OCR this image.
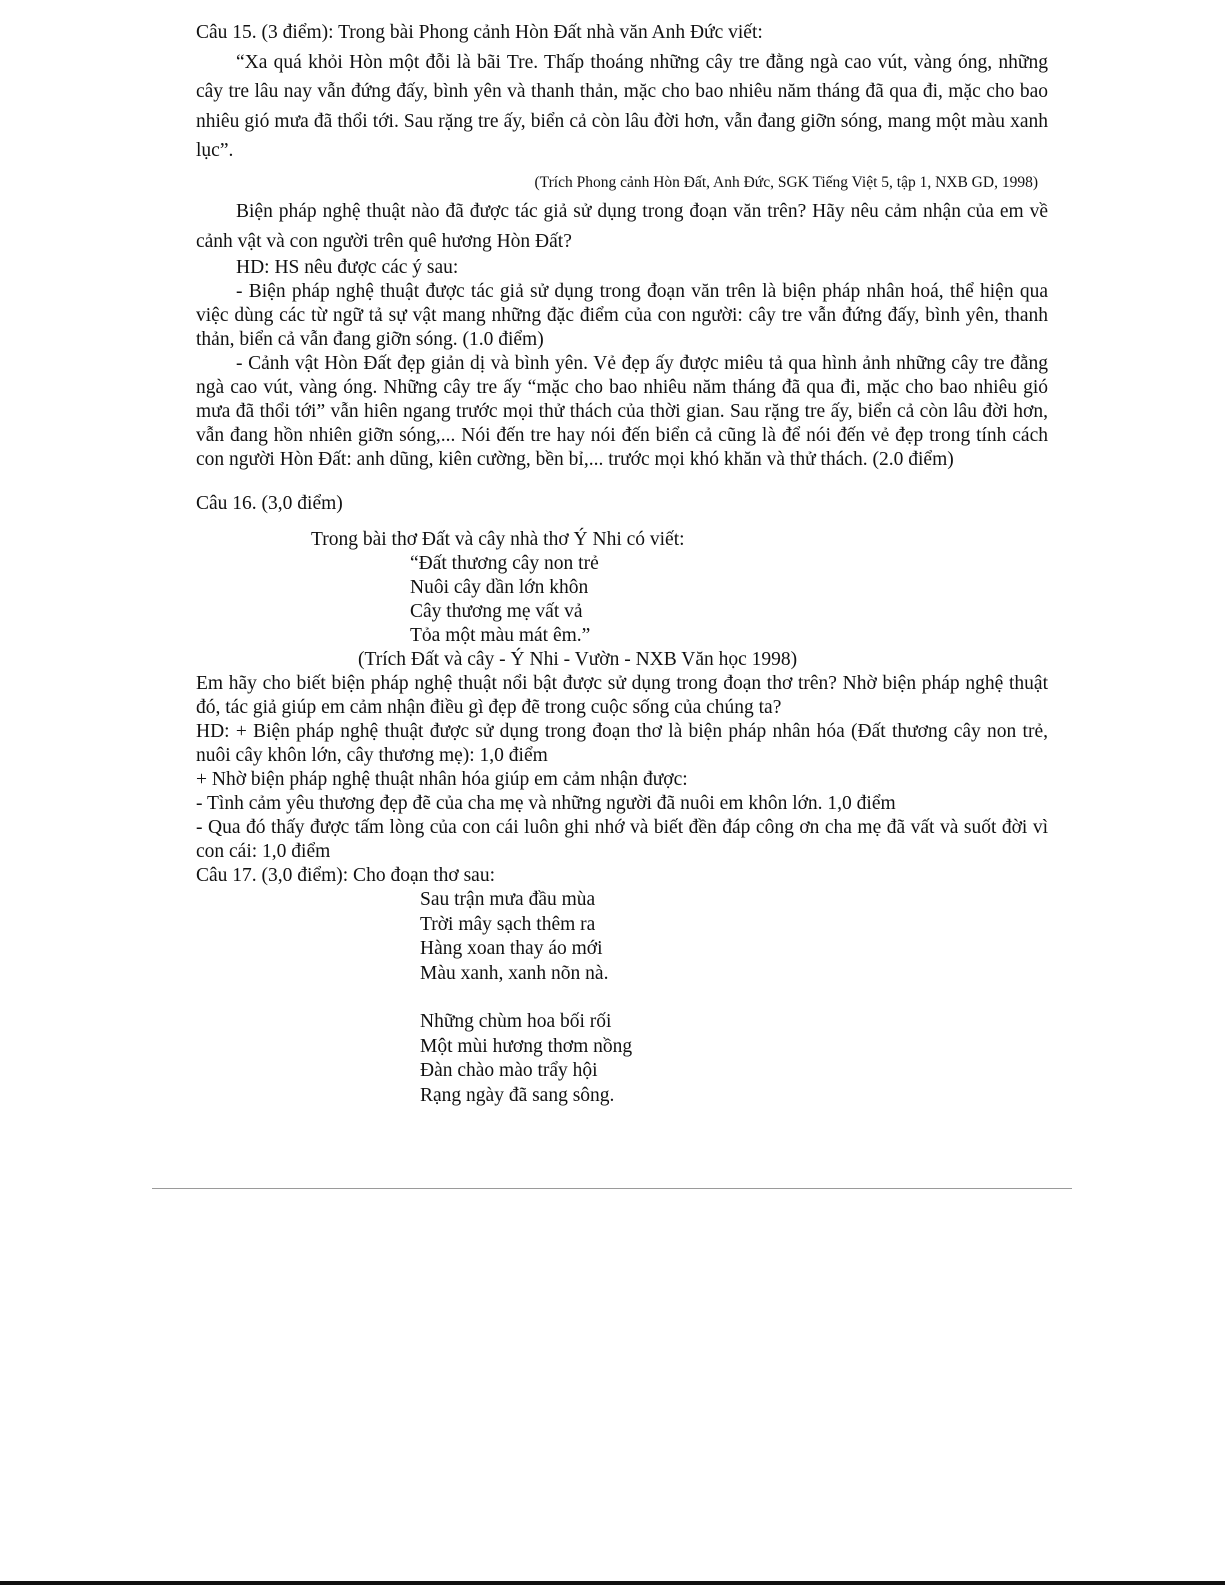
Câu 15. (3 điểm): Trong bài Phong cảnh Hòn Đất nhà văn Anh Đức viết:

“Xa quá khỏi Hòn một đỗi là bãi Tre. Thấp thoáng những cây tre đằng ngà cao vút, vàng óng, những cây tre lâu nay vẫn đứng đấy, bình yên và thanh thản, mặc cho bao nhiêu năm tháng đã qua đi, mặc cho bao nhiêu gió mưa đã thổi tới. Sau rặng tre ấy, biển cả còn lâu đời hơn, vẫn đang giỡn sóng, mang một màu xanh lục”.

(Trích Phong cảnh Hòn Đất, Anh Đức, SGK Tiếng Việt 5, tập 1, NXB GD, 1998)

Biện pháp nghệ thuật nào đã được tác giả sử dụng trong đoạn văn trên? Hãy nêu cảm nhận của em về cảnh vật và con người trên quê hương Hòn Đất?

HD: HS nêu được các ý sau:

- Biện pháp nghệ thuật được tác giả sử dụng trong đoạn văn trên là biện pháp nhân hoá, thể hiện qua việc dùng các từ ngữ tả sự vật mang những đặc điểm của con người: cây tre vẫn đứng đấy, bình yên, thanh thản, biển cả vẫn đang giỡn sóng. (1.0 điểm)

- Cảnh vật Hòn Đất đẹp giản dị và bình yên. Vẻ đẹp ấy được miêu tả qua hình ảnh những cây tre đằng ngà cao vút, vàng óng. Những cây tre ấy “mặc cho bao nhiêu năm tháng đã qua đi, mặc cho bao nhiêu gió mưa đã thổi tới” vẫn hiên ngang trước mọi thử thách của thời gian. Sau rặng tre ấy, biển cả còn lâu đời hơn, vẫn đang hồn nhiên giỡn sóng,... Nói đến tre hay nói đến biển cả cũng là để nói đến vẻ đẹp trong tính cách con người Hòn Đất: anh dũng, kiên cường, bền bỉ,... trước mọi khó khăn và thử thách. (2.0 điểm)

Câu 16. (3,0 điểm)

Trong bài thơ Đất và cây nhà thơ Ý Nhi có viết:

“Đất thương cây non trẻ
Nuôi cây dần lớn khôn
Cây thương mẹ vất vả
Tỏa một màu mát êm.”

(Trích Đất và cây - Ý Nhi - Vườn - NXB Văn học 1998)

Em hãy cho biết biện pháp nghệ thuật nổi bật được sử dụng trong đoạn thơ trên? Nhờ biện pháp nghệ thuật đó, tác giả giúp em cảm nhận điều gì đẹp đẽ trong cuộc sống của chúng ta?

HD: + Biện pháp nghệ thuật được sử dụng trong đoạn thơ là biện pháp nhân hóa (Đất thương cây non trẻ, nuôi cây khôn lớn, cây thương mẹ): 1,0 điểm

+ Nhờ biện pháp nghệ thuật nhân hóa giúp em cảm nhận được:

- Tình cảm yêu thương đẹp đẽ của cha mẹ và những người đã nuôi em khôn lớn. 1,0 điểm

- Qua đó thấy được tấm lòng của con cái luôn ghi nhớ và biết đền đáp công ơn cha mẹ đã vất và suốt đời vì con cái: 1,0 điểm

Câu 17. (3,0 điểm): Cho đoạn thơ sau:

Sau trận mưa đầu mùa
Trời mây sạch thêm ra
Hàng xoan thay áo mới
Màu xanh, xanh nõn nà.
Những chùm hoa bối rối
Một mùi hương thơm nồng
Đàn chào mào trẩy hội
Rạng ngày đã sang sông.
